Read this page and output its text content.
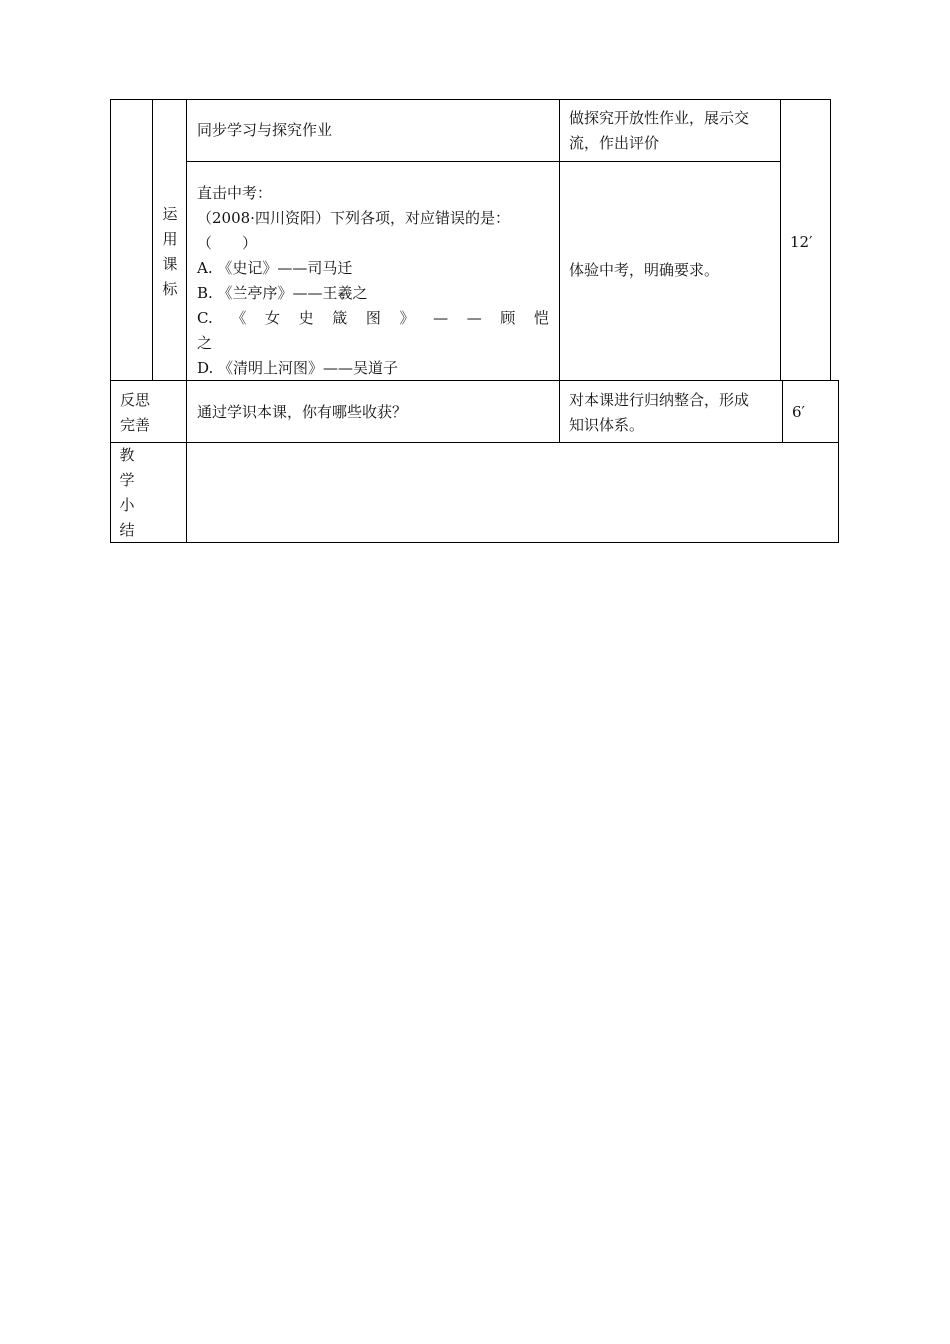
同步学习与探究作业
做探究开放性作业，展示交
流，作出评价
运
用
课
标
直击中考：
（2008·四川资阳）下列各项，对应错误的是：
（　　）
A. 《史记》——司马迁
B. 《兰亭序》——王羲之
C. 《 女 史 箴 图 》 — — 顾 恺
之
D. 《清明上河图》——吴道子
体验中考，明确要求。
12′
反思
完善
通过学识本课，你有哪些收获？
对本课进行归纳整合，形成
知识体系。
6′
教
学
小
结
